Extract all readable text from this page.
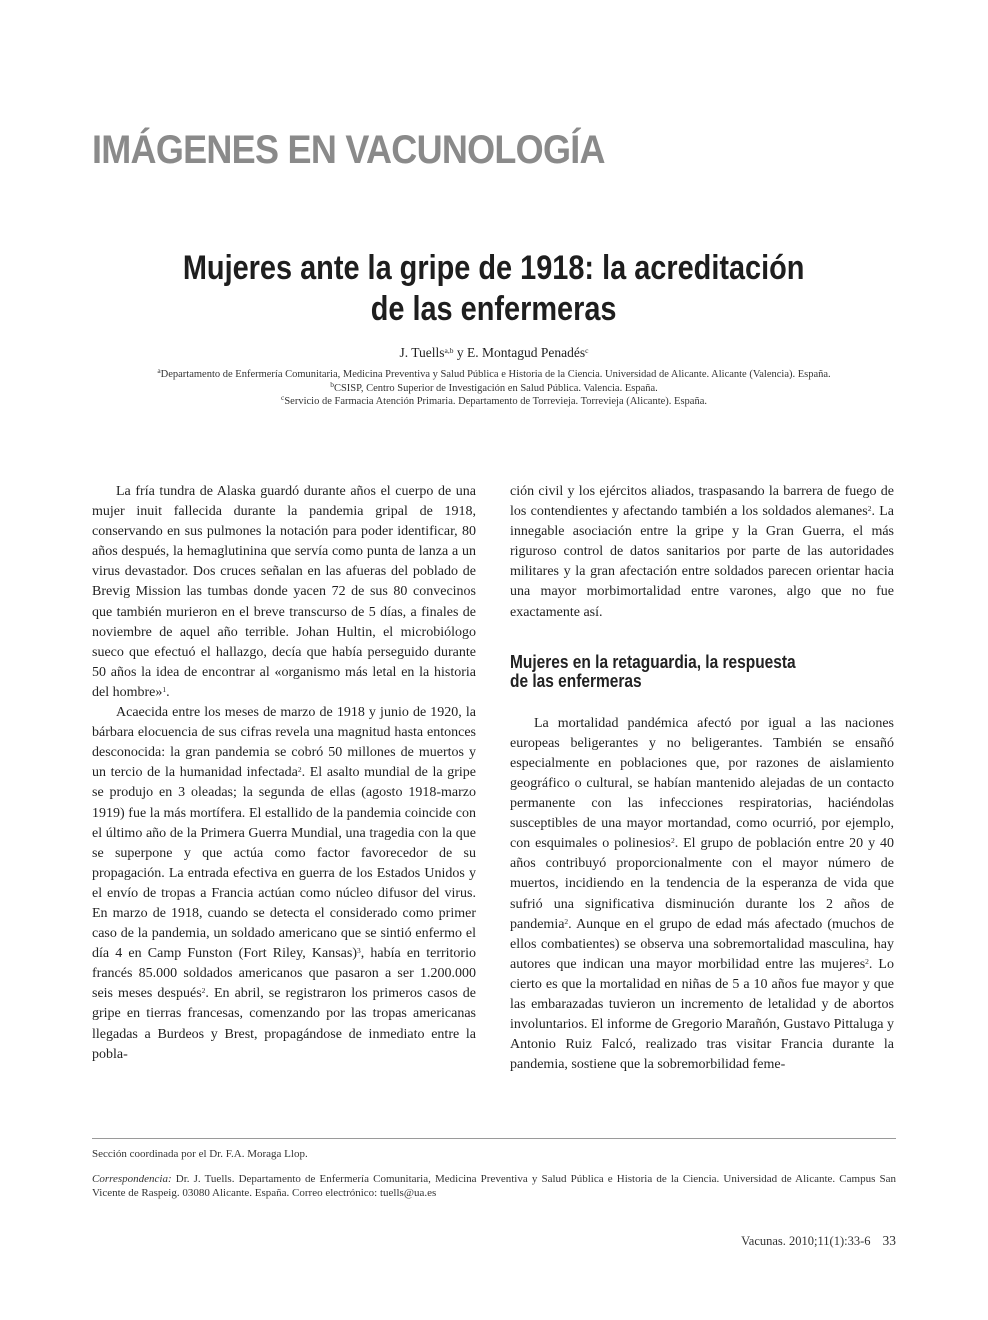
IMÁGENES EN VACUNOLOGÍA
Mujeres ante la gripe de 1918: la acreditación
de las enfermeras
J. Tuells$^{a,b}$ y E. Montagud Penadés$^c$
$^a$Departamento de Enfermería Comunitaria, Medicina Preventiva y Salud Pública e Historia de la Ciencia. Universidad de Alicante. Alicante (Valencia). España.
$^b$CSISP, Centro Superior de Investigación en Salud Pública. Valencia. España.
$^c$Servicio de Farmacia Atención Primaria. Departamento de Torrevieja. Torrevieja (Alicante). España.

La fría tundra de Alaska guardó durante años el cuerpo de una mujer inuit fallecida durante la pandemia gripal de 1918, conservando en sus pulmones la notación para poder identificar, 80 años después, la hemaglutinina que servía como punta de lanza a un virus devastador. Dos cruces señalan en las afueras del poblado de Brevig Mission las tumbas donde yacen 72 de sus 80 convecinos que también murieron en el breve transcurso de 5 días, a finales de noviembre de aquel año terrible. Johan Hultin, el microbiólogo sueco que efectuó el hallazgo, decía que había perseguido durante 50 años la idea de encontrar al «organismo más letal en la historia del hombre»$^1$.

Acaecida entre los meses de marzo de 1918 y junio de 1920, la bárbara elocuencia de sus cifras revela una magnitud hasta entonces desconocida: la gran pandemia se cobró 50 millones de muertos y un tercio de la humanidad infectada$^2$. El asalto mundial de la gripe se produjo en 3 oleadas; la segunda de ellas (agosto 1918-marzo 1919) fue la más mortífera. El estallido de la pandemia coincide con el último año de la Primera Guerra Mundial, una tragedia con la que se superpone y que actúa como factor favorecedor de su propagación. La entrada efectiva en guerra de los Estados Unidos y el envío de tropas a Francia actúan como núcleo difusor del virus. En marzo de 1918, cuando se detecta el considerado como primer caso de la pandemia, un soldado americano que se sintió enfermo el día 4 en Camp Funston (Fort Riley, Kansas)$^3$, había en territorio francés 85.000 soldados americanos que pasaron a ser 1.200.000 seis meses después$^2$. En abril, se registraron los primeros casos de gripe en tierras francesas, comenzando por las tropas americanas llegadas a Burdeos y Brest, propagándose de inmediato entre la pobla-

ción civil y los ejércitos aliados, traspasando la barrera de fuego de los contendientes y afectando también a los soldados alemanes$^2$. La innegable asociación entre la gripe y la Gran Guerra, el más riguroso control de datos sanitarios por parte de las autoridades militares y la gran afectación entre soldados parecen orientar hacia una mayor morbimortalidad entre varones, algo que no fue exactamente así.

Mujeres en la retaguardia, la respuesta
de las enfermeras

La mortalidad pandémica afectó por igual a las naciones europeas beligerantes y no beligerantes. También se ensañó especialmente en poblaciones que, por razones de aislamiento geográfico o cultural, se habían mantenido alejadas de un contacto permanente con las infecciones respiratorias, haciéndolas susceptibles de una mayor mortandad, como ocurrió, por ejemplo, con esquimales o polinesios$^2$. El grupo de población entre 20 y 40 años contribuyó proporcionalmente con el mayor número de muertos, incidiendo en la tendencia de la esperanza de vida que sufrió una significativa disminución durante los 2 años de pandemia$^2$. Aunque en el grupo de edad más afectado (muchos de ellos combatientes) se observa una sobremortalidad masculina, hay autores que indican una mayor morbilidad entre las mujeres$^2$. Lo cierto es que la mortalidad en niñas de 5 a 10 años fue mayor y que las embarazadas tuvieron un incremento de letalidad y de abortos involuntarios. El informe de Gregorio Marañón, Gustavo Pittaluga y Antonio Ruiz Falcó, realizado tras visitar Francia durante la pandemia, sostiene que la sobremorbilidad feme-

Sección coordinada por el Dr. F.A. Moraga Llop.
Correspondencia: Dr. J. Tuells. Departamento de Enfermería Comunitaria, Medicina Preventiva y Salud Pública e Historia de la Ciencia. Universidad de Alicante. Campus San Vicente de Raspeig. 03080 Alicante. España. Correo electrónico: tuells@ua.es
Vacunas. 2010;11(1):33-6 33
